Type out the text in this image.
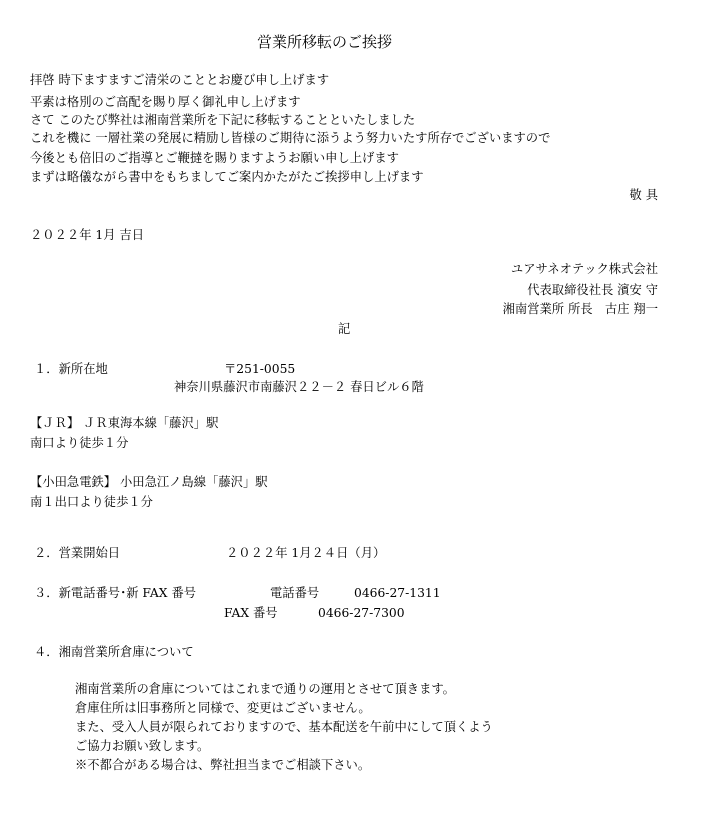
営業所移転のご挨拶

拝啓 時下ますますご清栄のこととお慶び申し上げます

平素は格別のご高配を賜り厚く御礼申し上げます

さて このたび弊社は湘南営業所を下記に移転することといたしました

これを機に 一層社業の発展に精励し皆様のご期待に添うよう努力いたす所存でございますので

今後とも倍旧のご指導とご鞭撻を賜りますようお願い申し上げます

まずは略儀ながら書中をもちましてご案内かたがたご挨拶申し上げます

敬 具

２０２２年 1月 吉日

ユアサネオテック株式会社

代表取締役社長 濱安 守

湘南営業所 所長　古庄 翔一

記

１．新所在地	〒251-0055

神奈川県藤沢市南藤沢２２－２ 春日ビル６階

【ＪＲ】 ＪＲ東海本線「藤沢」駅

南口より徒歩１分

【小田急電鉄】 小田急江ノ島線「藤沢」駅

南１出口より徒歩１分

２．営業開始日	２０２２年 1月２４日（月）

３．新電話番号･新 FAX 番号	電話番号	0466-27-1311

FAX 番号	0466-27-7300

４．湘南営業所倉庫について

湘南営業所の倉庫についてはこれまで通りの運用とさせて頂きます。

倉庫住所は旧事務所と同様で、変更はございません。

また、受入人員が限られておりますので、基本配送を午前中にして頂くよう

ご協力お願い致します。

※不都合がある場合は、弊社担当までご相談下さい。
